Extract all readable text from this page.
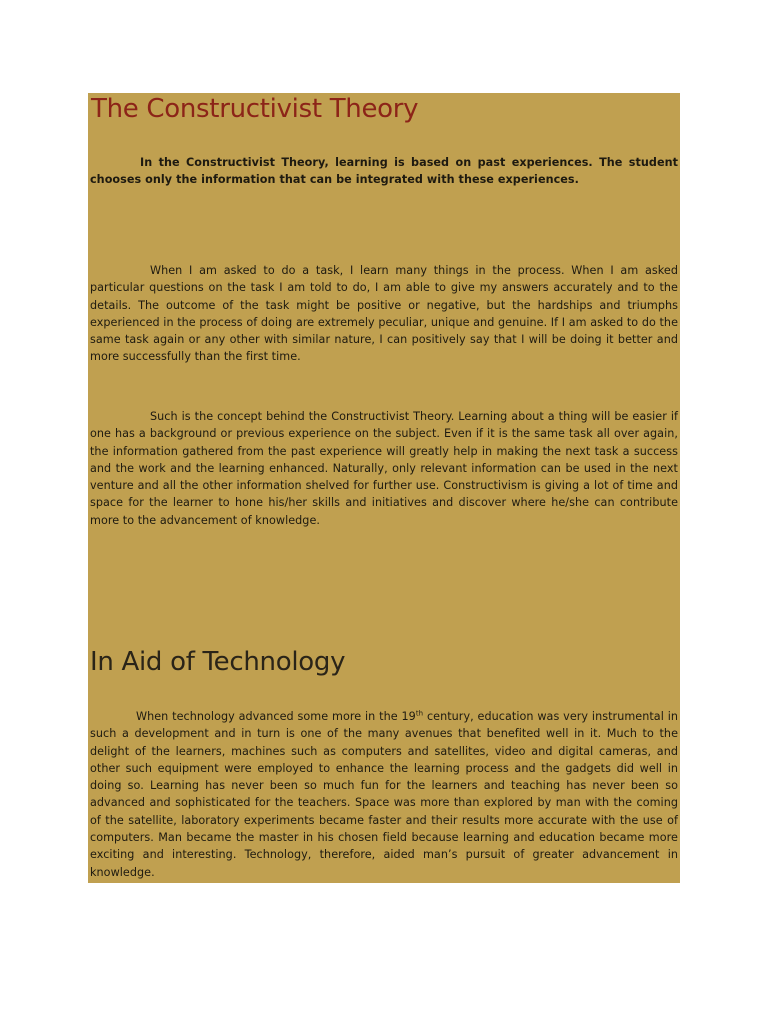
The Constructivist Theory

In the Constructivist Theory, learning is based on past experiences. The student chooses only the information that can be integrated with these experiences.

When I am asked to do a task, I learn many things in the process. When I am asked particular questions on the task I am told to do, I am able to give my answers accurately and to the details. The outcome of the task might be positive or negative, but the hardships and triumphs experienced in the process of doing are extremely peculiar, unique and genuine. If I am asked to do the same task again or any other with similar nature, I can positively say that I will be doing it better and more successfully than the first time.

Such is the concept behind the Constructivist Theory. Learning about a thing will be easier if one has a background or previous experience on the subject. Even if it is the same task all over again, the information gathered from the past experience will greatly help in making the next task a success and the work and the learning enhanced. Naturally, only relevant information can be used in the next venture and all the other information shelved for further use. Constructivism is giving a lot of time and space for the learner to hone his/her skills and initiatives and discover where he/she can contribute more to the advancement of knowledge.

In Aid of Technology

When technology advanced some more in the 19th century, education was very instrumental in such a development and in turn is one of the many avenues that benefited well in it. Much to the delight of the learners, machines such as computers and satellites, video and digital cameras, and other such equipment were employed to enhance the learning process and the gadgets did well in doing so. Learning has never been so much fun for the learners and teaching has never been so advanced and sophisticated for the teachers. Space was more than explored by man with the coming of the satellite, laboratory experiments became faster and their results more accurate with the use of computers. Man became the master in his chosen field because learning and education became more exciting and interesting. Technology, therefore, aided man’s pursuit of greater advancement in knowledge.
